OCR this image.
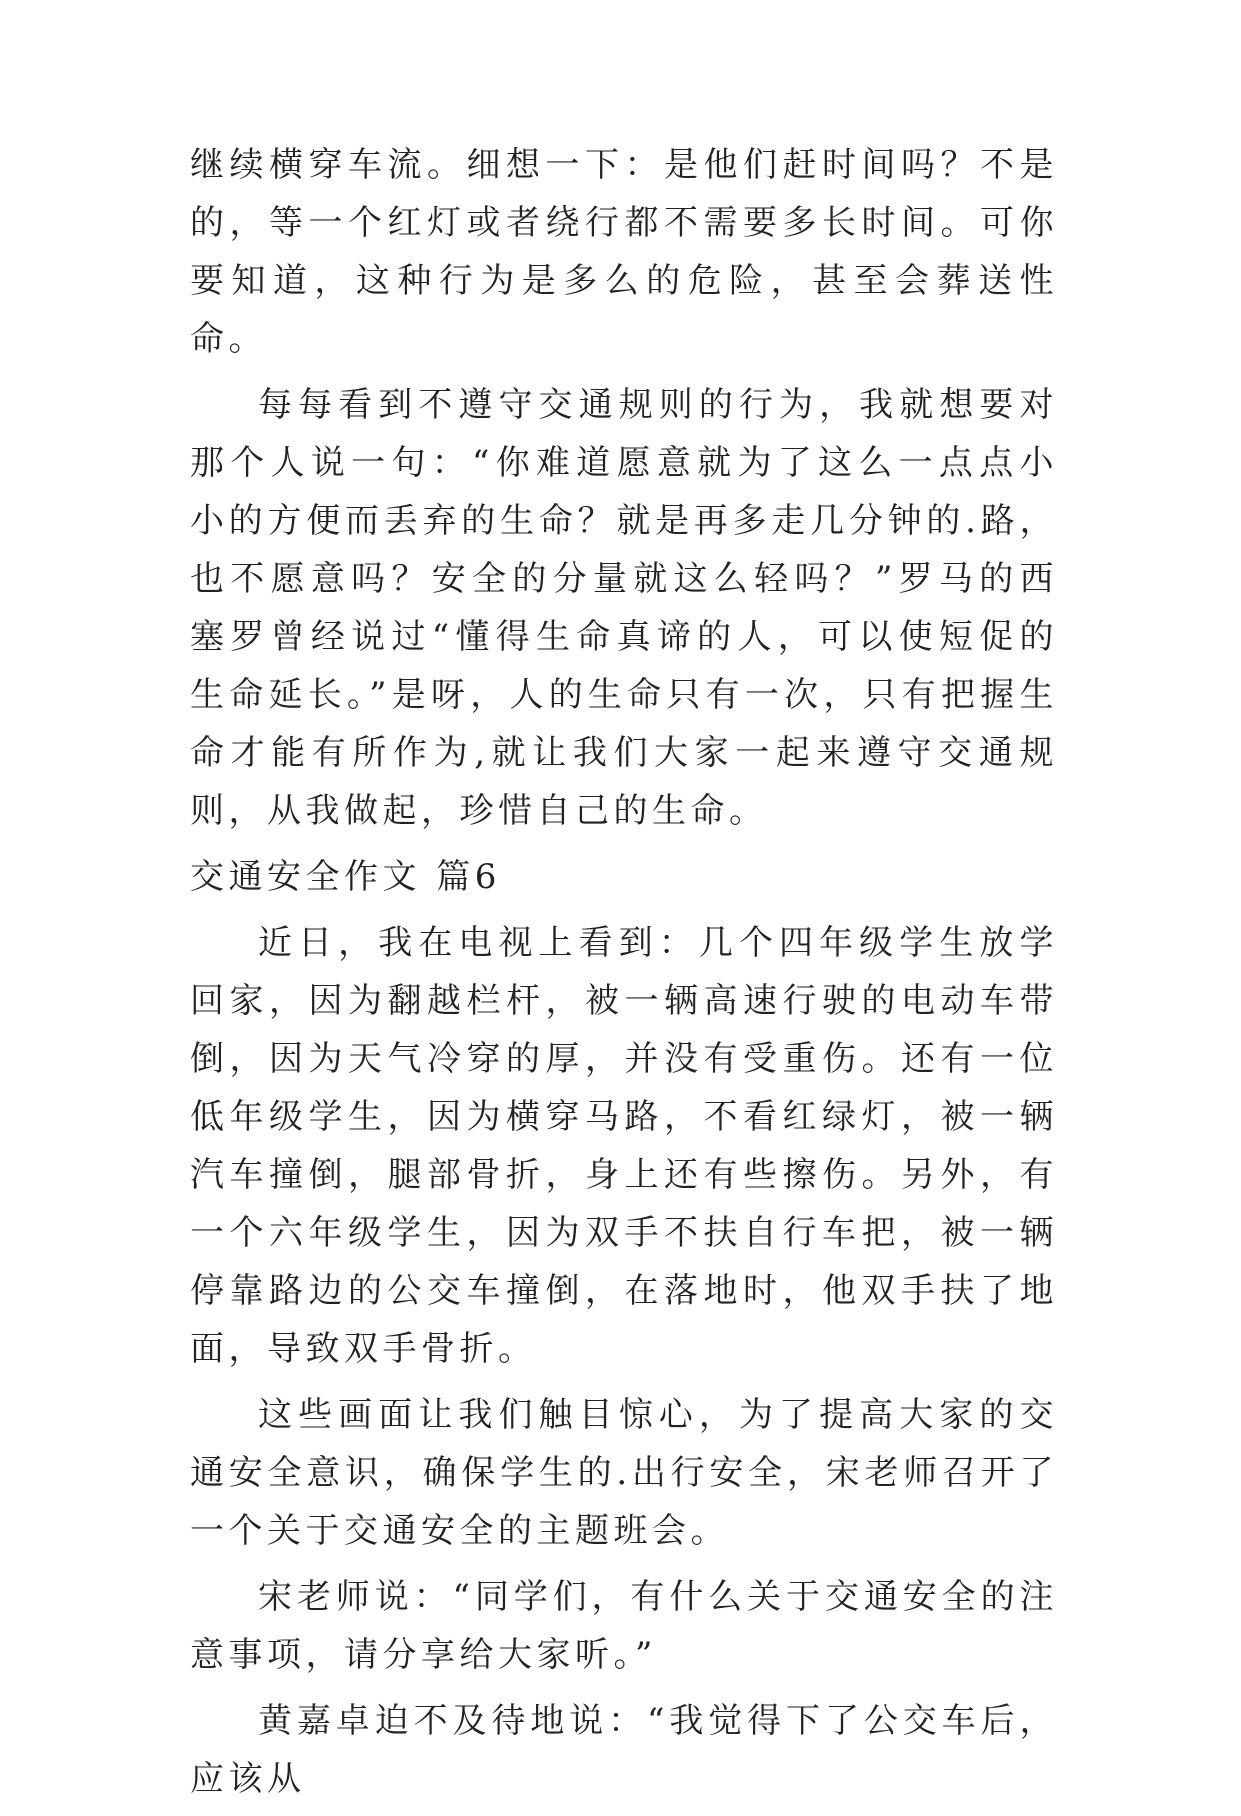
继续横穿车流。细想一下：是他们赶时间吗？不是的，等一个红灯或者绕行都不需要多长时间。可你要知道，这种行为是多么的危险，甚至会葬送性命。

每每看到不遵守交通规则的行为，我就想要对那个人说一句：“你难道愿意就为了这么一点点小小的方便而丢弃的生命？就是再多走几分钟的.路，也不愿意吗？安全的分量就这么轻吗？”罗马的西塞罗曾经说过“懂得生命真谛的人，可以使短促的生命延长。”是呀，人的生命只有一次，只有把握生命才能有所作为,就让我们大家一起来遵守交通规则，从我做起，珍惜自己的生命。

交通安全作文 篇6

近日，我在电视上看到：几个四年级学生放学回家，因为翻越栏杆，被一辆高速行驶的电动车带倒，因为天气冷穿的厚，并没有受重伤。还有一位低年级学生，因为横穿马路，不看红绿灯，被一辆汽车撞倒，腿部骨折，身上还有些擦伤。另外，有一个六年级学生，因为双手不扶自行车把，被一辆停靠路边的公交车撞倒，在落地时，他双手扶了地面，导致双手骨折。

这些画面让我们触目惊心，为了提高大家的交通安全意识，确保学生的.出行安全，宋老师召开了一个关于交通安全的主题班会。

宋老师说：“同学们，有什么关于交通安全的注意事项，请分享给大家听。”

黄嘉卓迫不及待地说：“我觉得下了公交车后，应该从
